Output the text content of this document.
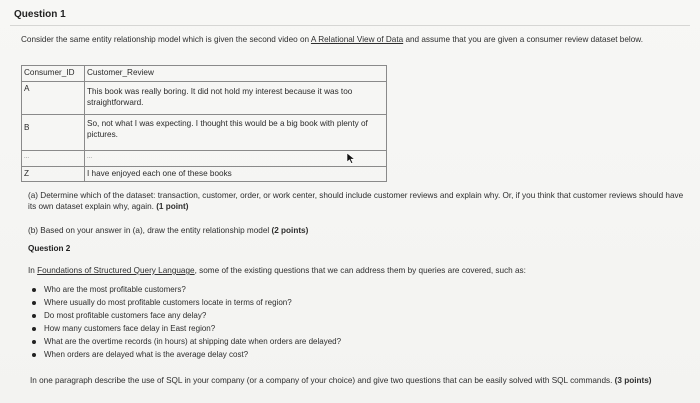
Question 1
Consider the same entity relationship model which is given the second video on A Relational View of Data and assume that you are given a consumer review dataset below.
Consumer_ID	Customer_Review
A	This book was really boring. It did not hold my interest because it was too straightforward.
B	So, not what I was expecting. I thought this would be a big book with plenty of pictures.
...	...
Z	I have enjoyed each one of these books
(a) Determine which of the dataset: transaction, customer, order, or work center, should include customer reviews and explain why. Or, if you think that customer reviews should have its own dataset explain why, again. (1 point)
(b) Based on your answer in (a), draw the entity relationship model (2 points)
Question 2
In Foundations of Structured Query Language, some of the existing questions that we can address them by queries are covered, such as:
Who are the most profitable customers?
Where usually do most profitable customers locate in terms of region?
Do most profitable customers face any delay?
How many customers face delay in East region?
What are the overtime records (in hours) at shipping date when orders are delayed?
When orders are delayed what is the average delay cost?
In one paragraph describe the use of SQL in your company (or a company of your choice) and give two questions that can be easily solved with SQL commands. (3 points)
